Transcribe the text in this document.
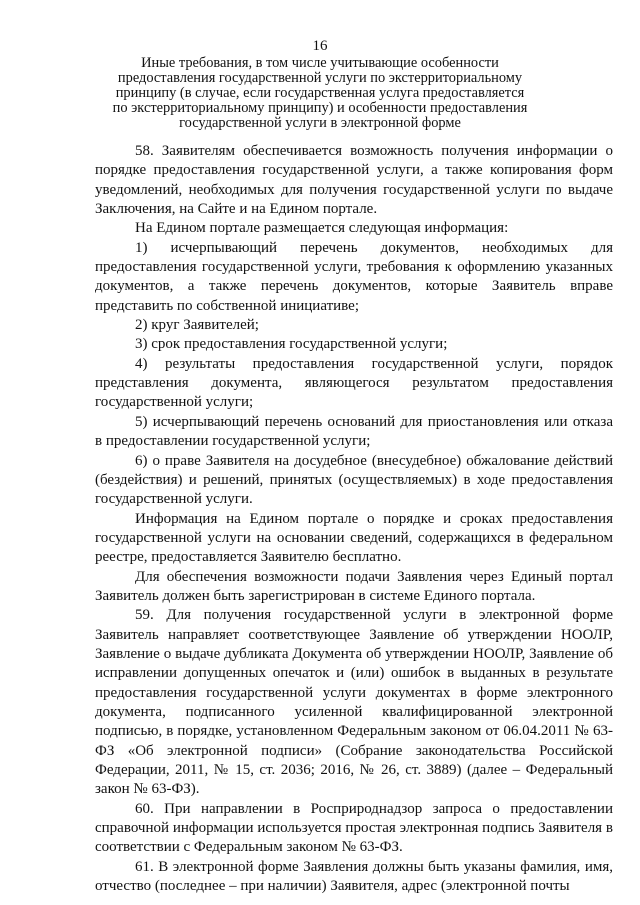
16
Иные требования, в том числе учитывающие особенности
предоставления государственной услуги по экстерриториальному
принципу (в случае, если государственная услуга предоставляется
по экстерриториальному принципу) и особенности предоставления
государственной услуги в электронной форме

58. Заявителям обеспечивается возможность получения информации о порядке предоставления государственной услуги, а также копирования форм уведомлений, необходимых для получения государственной услуги по выдаче Заключения, на Сайте и на Едином портале.

На Едином портале размещается следующая информация:

1) исчерпывающий перечень документов, необходимых для предоставления государственной услуги, требования к оформлению указанных документов, а также перечень документов, которые Заявитель вправе представить по собственной инициативе;

2) круг Заявителей;

3) срок предоставления государственной услуги;

4) результаты предоставления государственной услуги, порядок представления документа, являющегося результатом предоставления государственной услуги;

5) исчерпывающий перечень оснований для приостановления или отказа в предоставлении государственной услуги;

6) о праве Заявителя на досудебное (внесудебное) обжалование действий (бездействия) и решений, принятых (осуществляемых) в ходе предоставления государственной услуги.

Информация на Едином портале о порядке и сроках предоставления государственной услуги на основании сведений, содержащихся в федеральном реестре, предоставляется Заявителю бесплатно.

Для обеспечения возможности подачи Заявления через Единый портал Заявитель должен быть зарегистрирован в системе Единого портала.

59. Для получения государственной услуги в электронной форме Заявитель направляет соответствующее Заявление об утверждении НООЛР, Заявление о выдаче дубликата Документа об утверждении НООЛР, Заявление об исправлении допущенных опечаток и (или) ошибок в выданных в результате предоставления государственной услуги документах в форме электронного документа, подписанного усиленной квалифицированной электронной подписью, в порядке, установленном Федеральным законом от 06.04.2011 № 63-ФЗ «Об электронной подписи» (Собрание законодательства Российской Федерации, 2011, № 15, ст. 2036; 2016, № 26, ст. 3889) (далее – Федеральный закон № 63-ФЗ).

60. При направлении в Росприроднадзор запроса о предоставлении справочной информации используется простая электронная подпись Заявителя в соответствии с Федеральным законом № 63-ФЗ.

61. В электронной форме Заявления должны быть указаны фамилия, имя, отчество (последнее – при наличии) Заявителя, адрес (электронной почты
